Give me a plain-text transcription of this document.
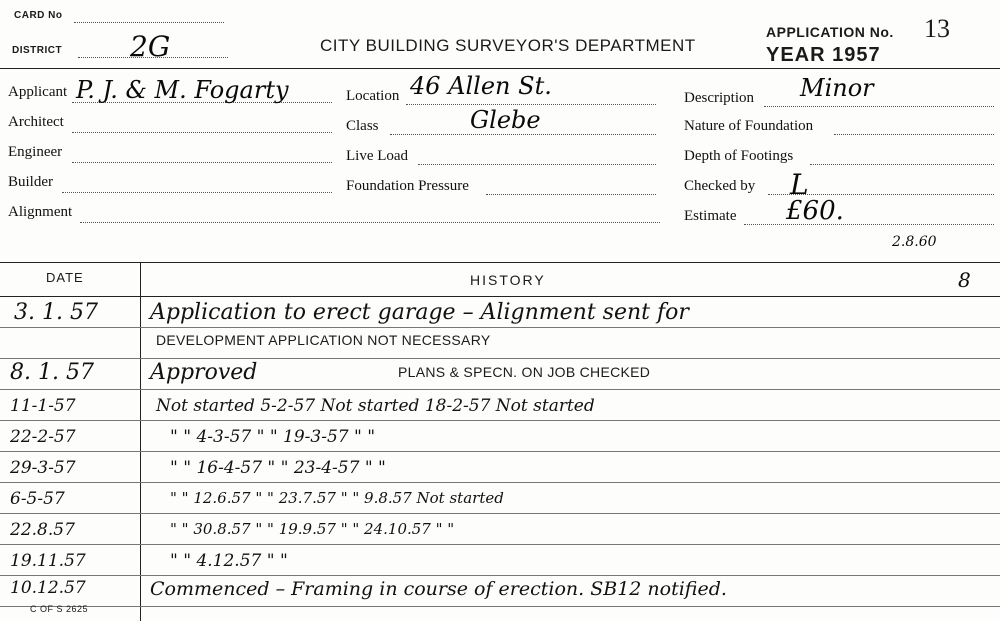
CARD No
DISTRICT 2G	CITY BUILDING SURVEYOR'S DEPARTMENT
APPLICATION No. 13
YEAR 1957
Applicant P. J. & M. Fogarty
Architect
Engineer
Builder
Alignment
Location 46 Allen St.
Class	Glebe
Live Load
Foundation Pressure
Description Minor
Nature of Foundation
Depth of Footings
Checked by L
Estimate £60.
2.8.60
DATE	HISTORY	8
3. 1. 57 Application to erect garage – Alignment sent for
DEVELOPMENT APPLICATION NOT NECESSARY
8. 1. 57	Approved	PLANS & SPECN. ON JOB CHECKED
11-1-57	Not started 5-2-57 Not started 18-2-57 Not started
22-2-57	" " 4-3-57 " " 19-3-57 " "
29-3-57	" " 16-4-57 " " 23-4-57 " "
6-5-57	" " 12.6.57 " " 23.7.57 " " 9.8.57 Not started
22.8.57	" " 30.8.57 " " 19.9.57 " " 24.10.57 " "
19.11.57	" " 4.12.57 " "
10.12.57	Commenced – Framing in course of erection. SB12 notified.
C OF S 2625
